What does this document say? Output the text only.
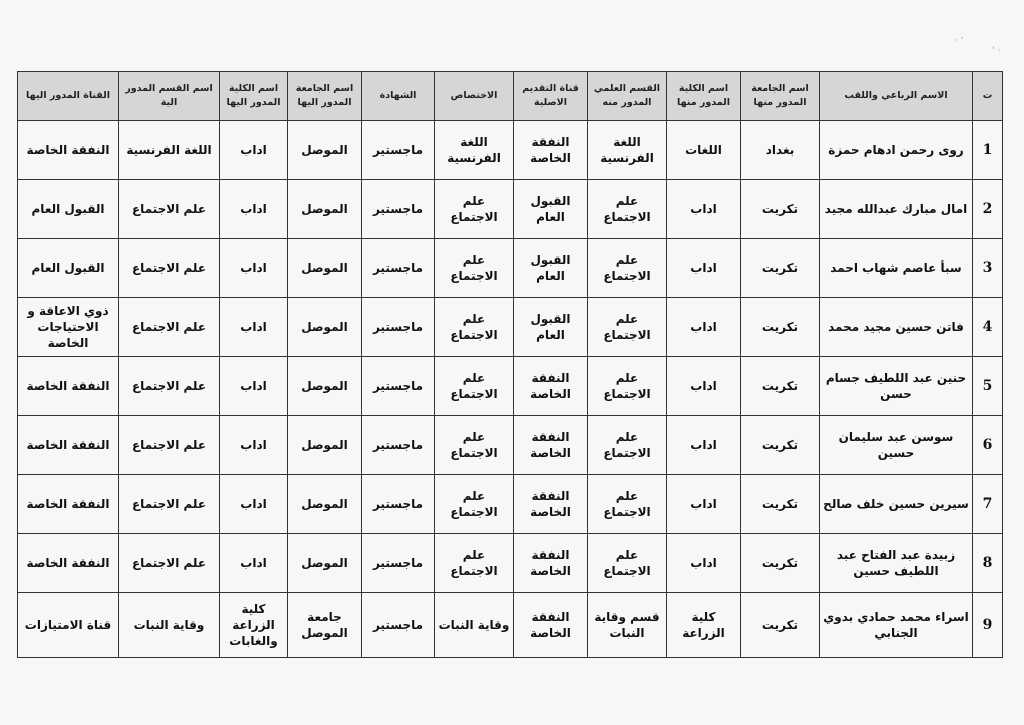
· ‘
‘ ·
ت	الاسم الرباعي واللقب	اسم الجامعة المدور منها	اسم الكلية المدور منها	القسم العلمي المدور منه	قناة التقديم الاصلية	الاختصاص	الشهادة	اسم الجامعة المدور اليها	اسم الكلية المدور اليها	اسم القسم المدور الية	القناة المدور اليها
1	روى رحمن ادهام حمزة	بغداد	اللغات	اللغة الفرنسية	النفقة الخاصة	اللغة الفرنسية	ماجستير	الموصل	اداب	اللغة الفرنسية	النفقة الخاصة
2	امال مبارك عبدالله مجيد	تكريت	اداب	علم الاجتماع	القبول العام	علم الاجتماع	ماجستير	الموصل	اداب	علم الاجتماع	القبول العام
3	سبأ عاصم شهاب احمد	تكريت	اداب	علم الاجتماع	القبول العام	علم الاجتماع	ماجستير	الموصل	اداب	علم الاجتماع	القبول العام
4	فاتن حسين مجيد محمد	تكريت	اداب	علم الاجتماع	القبول العام	علم الاجتماع	ماجستير	الموصل	اداب	علم الاجتماع	ذوي الاعاقة و الاحتياجات الخاصة
5	حنين عبد اللطيف جسام حسن	تكريت	اداب	علم الاجتماع	النفقة الخاصة	علم الاجتماع	ماجستير	الموصل	اداب	علم الاجتماع	النفقة الخاصة
6	سوسن عبد سليمان حسين	تكريت	اداب	علم الاجتماع	النفقة الخاصة	علم الاجتماع	ماجستير	الموصل	اداب	علم الاجتماع	النفقة الخاصة
7	سيرين حسين خلف صالح	تكريت	اداب	علم الاجتماع	النفقة الخاصة	علم الاجتماع	ماجستير	الموصل	اداب	علم الاجتماع	النفقة الخاصة
8	زبيدة عبد الفتاح عبد اللطيف حسين	تكريت	اداب	علم الاجتماع	النفقة الخاصة	علم الاجتماع	ماجستير	الموصل	اداب	علم الاجتماع	النفقة الخاصة
9	اسراء محمد حمادي بدوي الجنابي	تكريت	كلية الزراعة	قسم وقاية النبات	النفقة الخاصة	وقاية النبات	ماجستير	جامعة الموصل	كلية الزراعة والغابات	وقاية النبات	قناة الامتيازات
